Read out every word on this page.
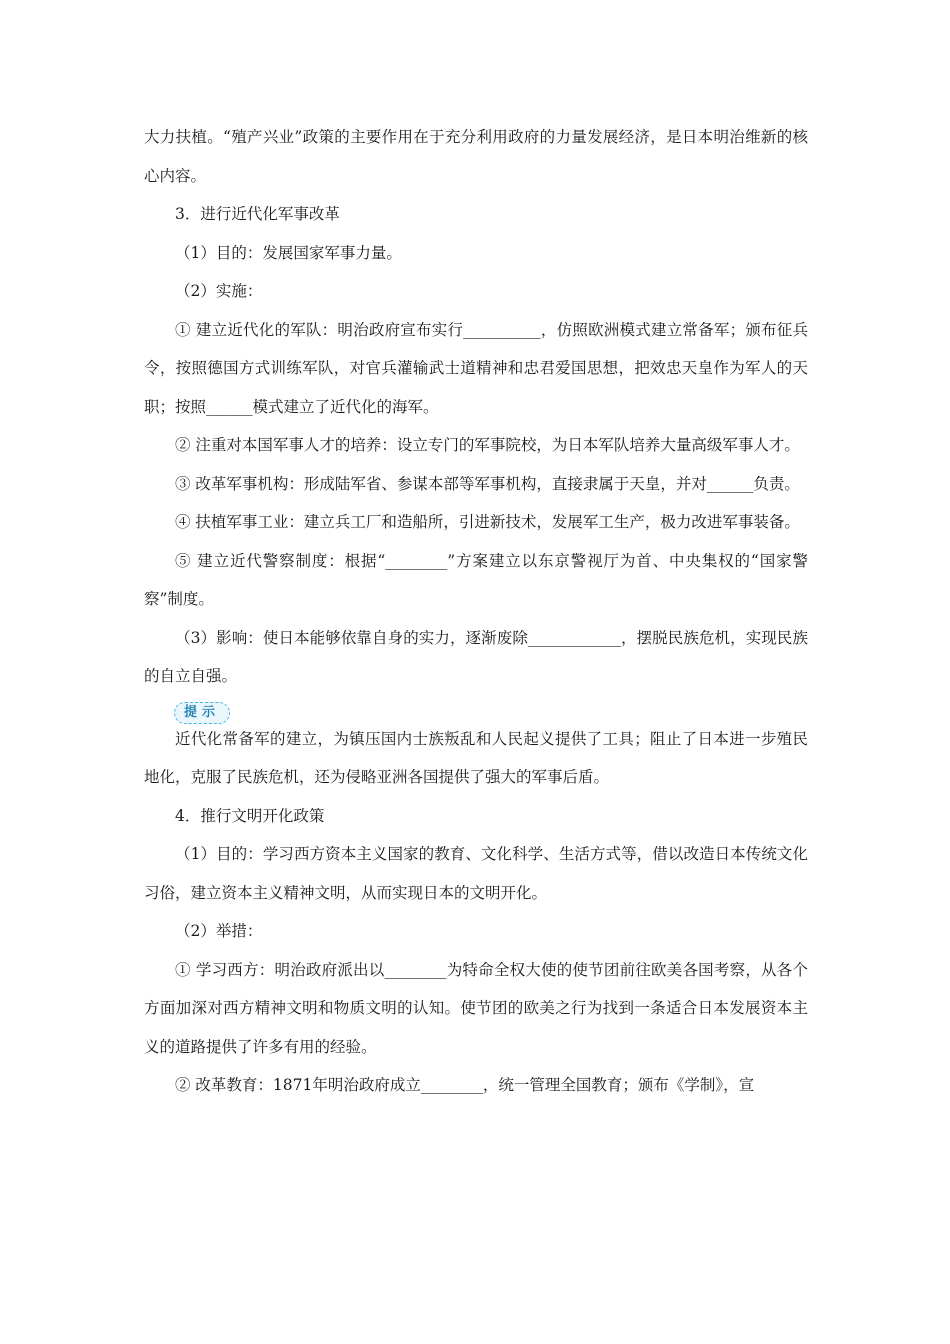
大力扶植。“殖产兴业”政策的主要作用在于充分利用政府的力量发展经济，是日本明治维新的核心内容。

3．进行近代化军事改革

（1）目的：发展国家军事力量。

（2）实施：

① 建立近代化的军队：明治政府宣布实行__________，仿照欧洲模式建立常备军；颁布征兵令，按照德国方式训练军队，对官兵灌输武士道精神和忠君爱国思想，把效忠天皇作为军人的天职；按照______模式建立了近代化的海军。

② 注重对本国军事人才的培养：设立专门的军事院校，为日本军队培养大量高级军事人才。

③ 改革军事机构：形成陆军省、参谋本部等军事机构，直接隶属于天皇，并对______负责。

④ 扶植军事工业：建立兵工厂和造船所，引进新技术，发展军工生产，极力改进军事装备。

⑤ 建立近代警察制度：根据“________”方案建立以东京警视厅为首、中央集权的“国家警察”制度。

（3）影响：使日本能够依靠自身的实力，逐渐废除____________，摆脱民族危机，实现民族的自立自强。

提示

近代化常备军的建立，为镇压国内士族叛乱和人民起义提供了工具；阻止了日本进一步殖民地化，克服了民族危机，还为侵略亚洲各国提供了强大的军事后盾。

4．推行文明开化政策

（1）目的：学习西方资本主义国家的教育、文化科学、生活方式等，借以改造日本传统文化习俗，建立资本主义精神文明，从而实现日本的文明开化。

（2）举措：

① 学习西方：明治政府派出以________为特命全权大使的使节团前往欧美各国考察，从各个方面加深对西方精神文明和物质文明的认知。使节团的欧美之行为找到一条适合日本发展资本主义的道路提供了许多有用的经验。

② 改革教育：1871年明治政府成立________，统一管理全国教育；颁布《学制》，宣
